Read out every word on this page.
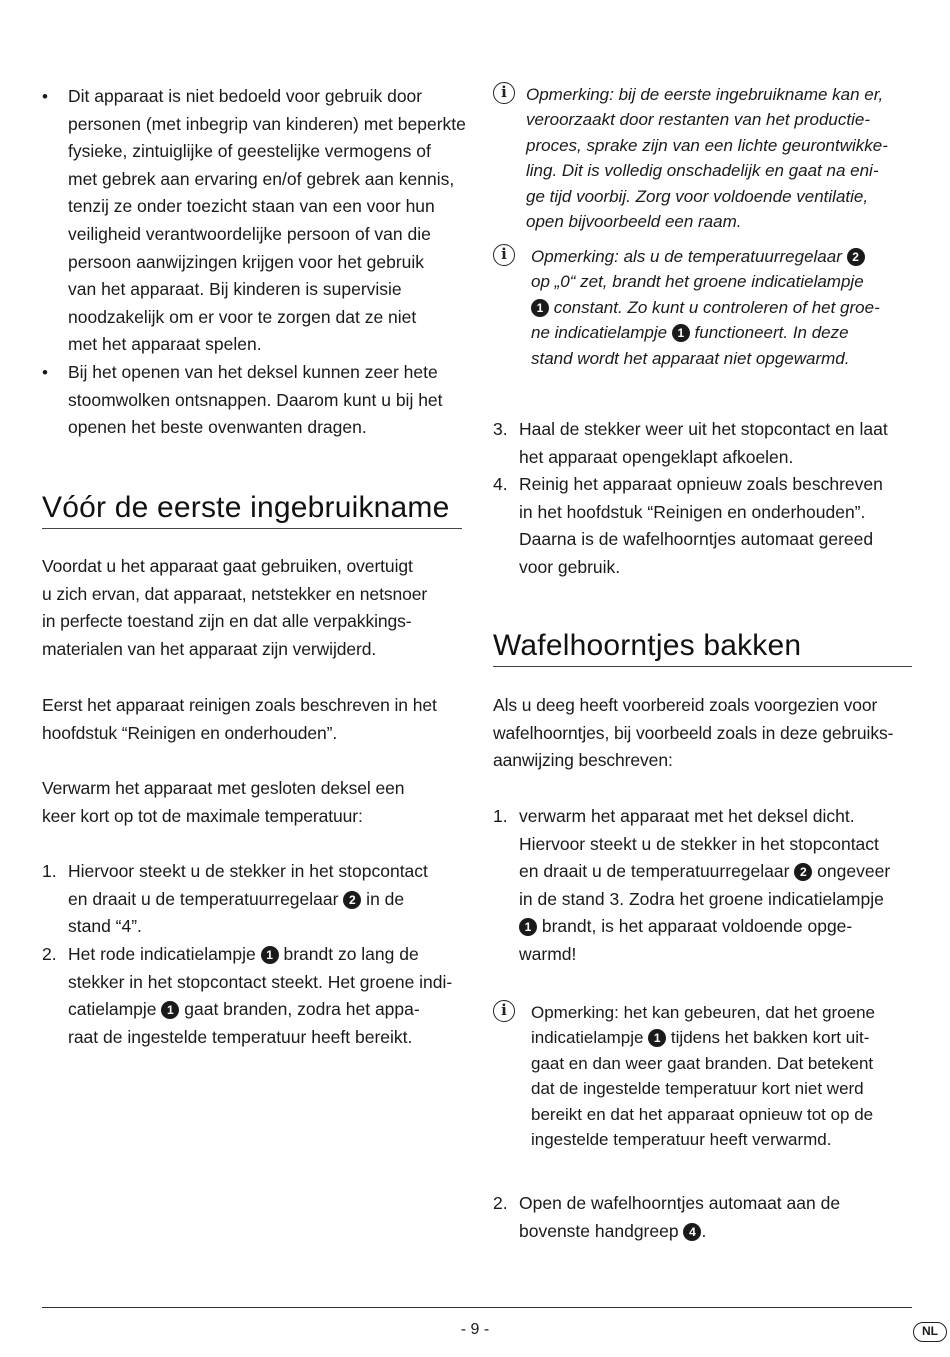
• Dit apparaat is niet bedoeld voor gebruik door
personen (met inbegrip van kinderen) met beperkte
fysieke, zintuiglijke of geestelijke vermogens of
met gebrek aan ervaring en/of gebrek aan kennis,
tenzij ze onder toezicht staan van een voor hun
veiligheid verantwoordelijke persoon of van die
persoon aanwijzingen krijgen voor het gebruik
van het apparaat. Bij kinderen is supervisie
noodzakelijk om er voor te zorgen dat ze niet
met het apparaat spelen.
• Bij het openen van het deksel kunnen zeer hete
stoomwolken ontsnappen. Daarom kunt u bij het
openen het beste ovenwanten dragen.
Vóór de eerste ingebruikname
Voordat u het apparaat gaat gebruiken, overtuigt
u zich ervan, dat apparaat, netstekker en netsnoer
in perfecte toestand zijn en dat alle verpakkings-
materialen van het apparaat zijn verwijderd.
Eerst het apparaat reinigen zoals beschreven in het
hoofdstuk “Reinigen en onderhouden”.
Verwarm het apparaat met gesloten deksel een
keer kort op tot de maximale temperatuur:
1. Hiervoor steekt u de stekker in het stopcontact
en draait u de temperatuurregelaar 2 in de
stand “4”.
2. Het rode indicatielampje 1 brandt zo lang de
stekker in het stopcontact steekt. Het groene indi-
catielampje 1 gaat branden, zodra het appa-
raat de ingestelde temperatuur heeft bereikt.
i	Opmerking: bij de eerste ingebruikname kan er,
veroorzaakt door restanten van het productie-
proces, sprake zijn van een lichte geurontwikke-
ling. Dit is volledig onschadelijk en gaat na eni-
ge tijd voorbij. Zorg voor voldoende ventilatie,
open bijvoorbeeld een raam.
i	Opmerking: als u de temperatuurregelaar 2
op „0“ zet, brandt het groene indicatielampje
1 constant. Zo kunt u controleren of het groe-
ne indicatielampje 1 functioneert. In deze
stand wordt het apparaat niet opgewarmd.
3. Haal de stekker weer uit het stopcontact en laat
het apparaat opengeklapt afkoelen.
4. Reinig het apparaat opnieuw zoals beschreven
in het hoofdstuk “Reinigen en onderhouden”.
Daarna is de wafelhoorntjes automaat gereed
voor gebruik.
Wafelhoorntjes bakken
Als u deeg heeft voorbereid zoals voorgezien voor
wafelhoorntjes, bij voorbeeld zoals in deze gebruiks-
aanwijzing beschreven:
1. verwarm het apparaat met het deksel dicht.
Hiervoor steekt u de stekker in het stopcontact
en draait u de temperatuurregelaar 2 ongeveer
in de stand 3. Zodra het groene indicatielampje
1 brandt, is het apparaat voldoende opge-
warmd!
i	Opmerking: het kan gebeuren, dat het groene
indicatielampje 1 tijdens het bakken kort uit-
gaat en dan weer gaat branden. Dat betekent
dat de ingestelde temperatuur kort niet werd
bereikt en dat het apparaat opnieuw tot op de
ingestelde temperatuur heeft verwarmd.
2. Open de wafelhoorntjes automaat aan de
bovenste handgreep 4 .
- 9 -	NL
